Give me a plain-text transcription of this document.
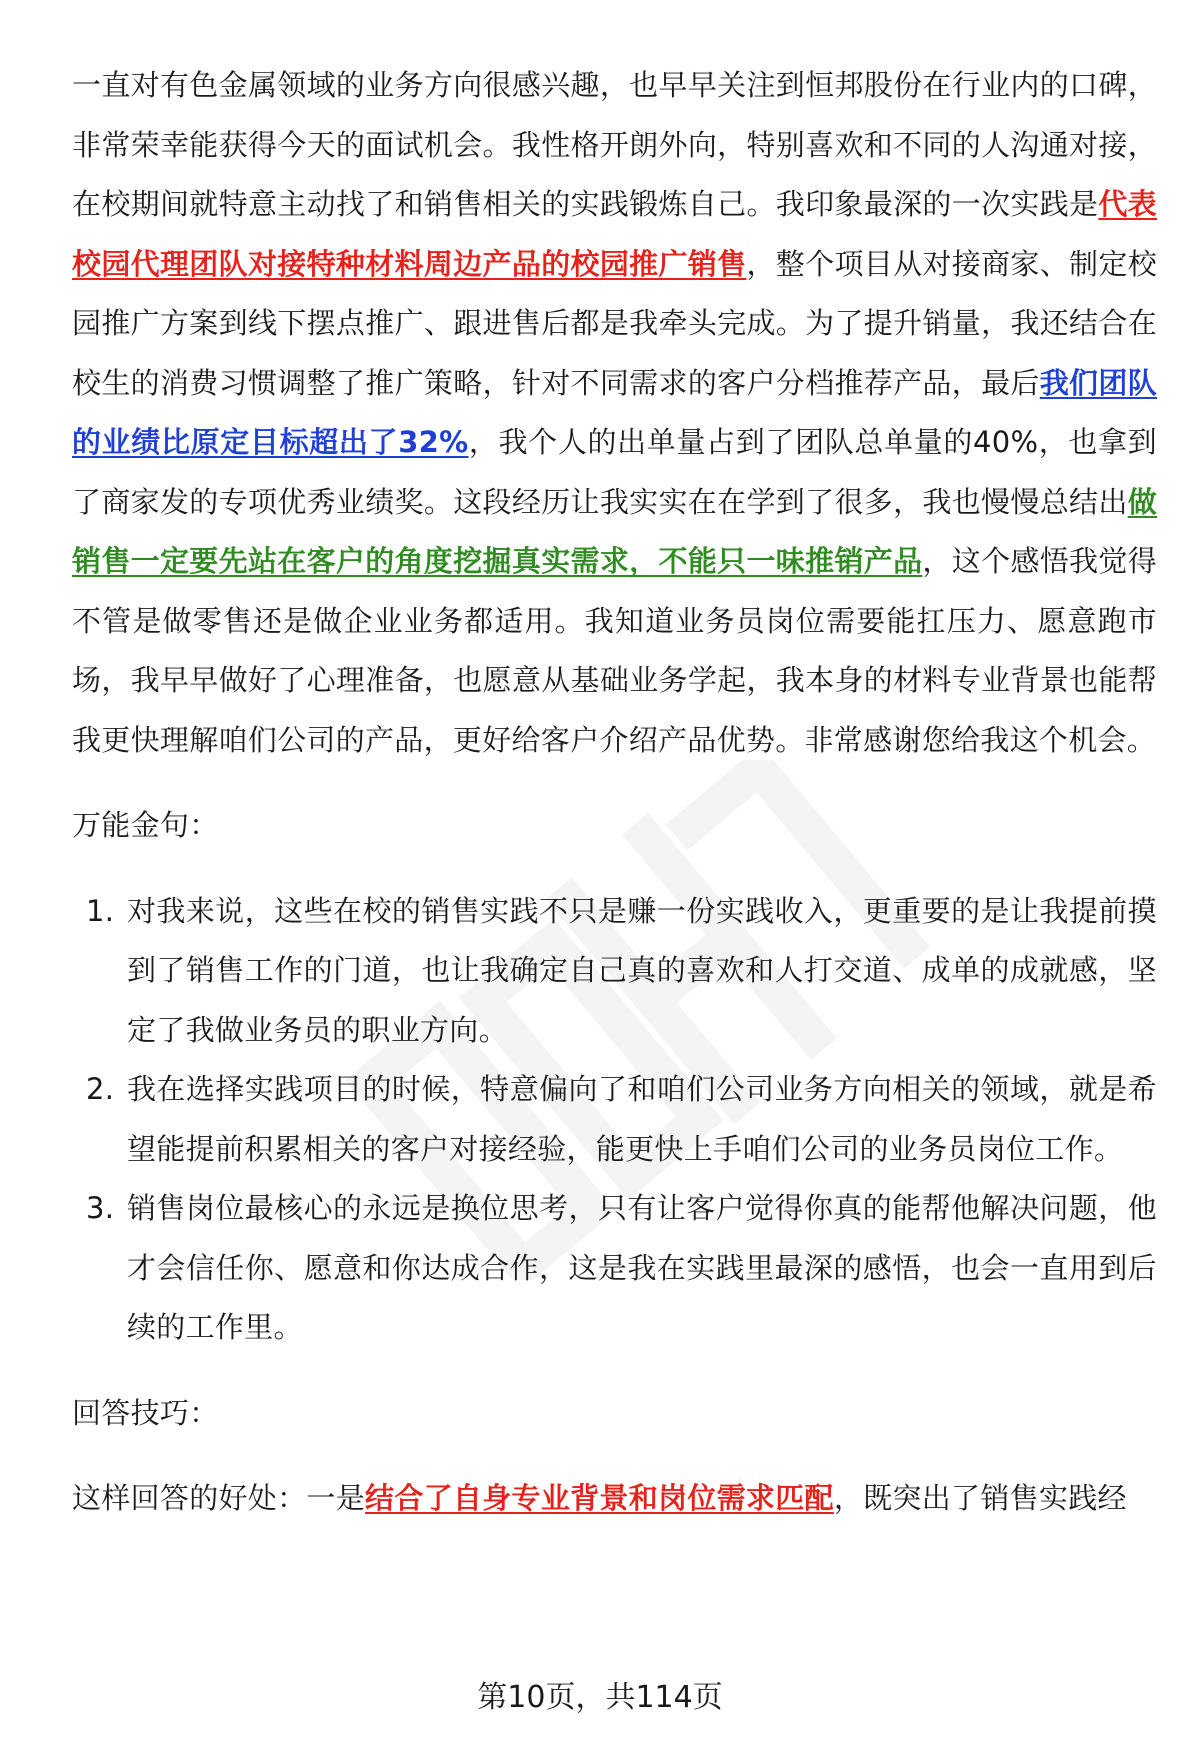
一直对有色金属领域的业务方向很感兴趣，也早早关注到恒邦股份在行业内的口碑，非常荣幸能获得今天的面试机会。我性格开朗外向，特别喜欢和不同的人沟通对接，在校期间就特意主动找了和销售相关的实践锻炼自己。我印象最深的一次实践是代表校园代理团队对接特种材料周边产品的校园推广销售，整个项目从对接商家、制定校园推广方案到线下摆点推广、跟进售后都是我牵头完成。为了提升销量，我还结合在校生的消费习惯调整了推广策略，针对不同需求的客户分档推荐产品，最后我们团队的业绩比原定目标超出了32%，我个人的出单量占到了团队总单量的40%，也拿到了商家发的专项优秀业绩奖。这段经历让我实实在在学到了很多，我也慢慢总结出做销售一定要先站在客户的角度挖掘真实需求，不能只一味推销产品，这个感悟我觉得不管是做零售还是做企业业务都适用。我知道业务员岗位需要能扛压力、愿意跑市场，我早早做好了心理准备，也愿意从基础业务学起，我本身的材料专业背景也能帮我更快理解咱们公司的产品，更好给客户介绍产品优势。非常感谢您给我这个机会。

万能金句：

1. 对我来说，这些在校的销售实践不只是赚一份实践收入，更重要的是让我提前摸到了销售工作的门道，也让我确定自己真的喜欢和人打交道、成单的成就感，坚定了我做业务员的职业方向。
2. 我在选择实践项目的时候，特意偏向了和咱们公司业务方向相关的领域，就是希望能提前积累相关的客户对接经验，能更快上手咱们公司的业务员岗位工作。
3. 销售岗位最核心的永远是换位思考，只有让客户觉得你真的能帮他解决问题，他才会信任你、愿意和你达成合作，这是我在实践里最深的感悟，也会一直用到后续的工作里。

回答技巧：

这样回答的好处：一是结合了自身专业背景和岗位需求匹配，既突出了销售实践经

第10页，共114页
